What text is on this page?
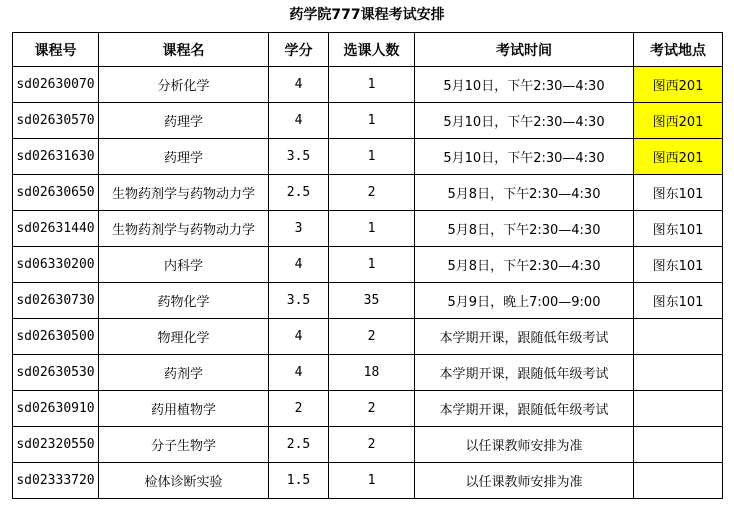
药学院777课程考试安排
课程号	课程名	学分	选课人数	考试时间	考试地点
sd02630070	分析化学	4	1	5月10日，下午2:30—4:30	图西201
sd02630570	药理学	4	1	5月10日，下午2:30—4:30	图西201
sd02631630	药理学	3.5	1	5月10日，下午2:30—4:30	图西201
sd02630650	生物药剂学与药物动力学	2.5	2	5月8日，下午2:30—4:30	图东101
sd02631440	生物药剂学与药物动力学	3	1	5月8日，下午2:30—4:30	图东101
sd06330200	内科学	4	1	5月8日，下午2:30—4:30	图东101
sd02630730	药物化学	3.5	35	5月9日，晚上7:00—9:00	图东101
sd02630500	物理化学	4	2	本学期开课，跟随低年级考试	
sd02630530	药剂学	4	18	本学期开课，跟随低年级考试	
sd02630910	药用植物学	2	2	本学期开课，跟随低年级考试	
sd02320550	分子生物学	2.5	2	以任课教师安排为准	
sd02333720	检体诊断实验	1.5	1	以任课教师安排为准	
